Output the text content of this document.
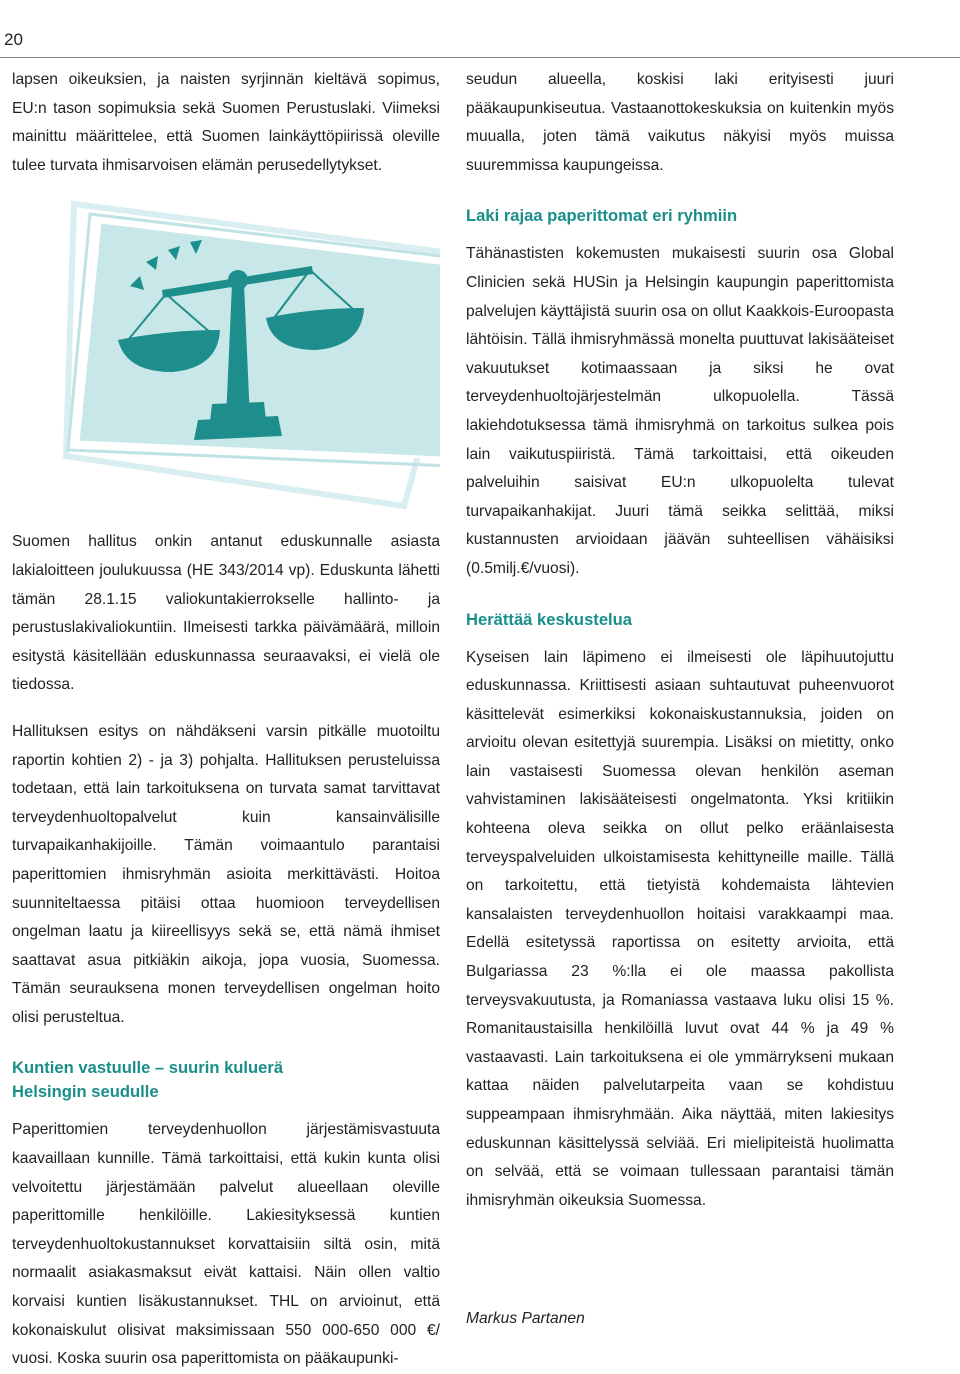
20

lapsen oikeuksien, ja naisten syrjinnän kieltävä sopimus, EU:n tason sopimuksia sekä Suomen Perustuslaki. Viimeksi mainittu määrittelee, että Suomen lainkäyttöpiirissä oleville tulee turvata ihmisarvoisen elämän perusedellytykset.

Suomen hallitus onkin antanut eduskunnalle asiasta lakialoitteen joulukuussa (HE 343/2014 vp). Eduskunta lähetti tämän 28.1.15 valiokuntakierrokselle hallinto- ja perustuslakivaliokuntiin. Ilmeisesti tarkka päivämäärä, milloin esitystä käsitellään eduskunnassa seuraavaksi, ei vielä ole tiedossa.

Hallituksen esitys on nähdäkseni varsin pitkälle muotoiltu raportin kohtien 2) - ja 3) pohjalta. Hallituksen perusteluissa todetaan, että lain tarkoituksena on turvata samat tarvittavat terveydenhuoltopalvelut kuin kansainvälisille turvapaikanhakijoille. Tämän voimaantulo parantaisi paperittomien ihmisryhmän asioita merkittävästi. Hoitoa suunniteltaessa pitäisi ottaa huomioon terveydellisen ongelman laatu ja kiireellisyys sekä se, että nämä ihmiset saattavat asua pitkiäkin aikoja, jopa vuosia, Suomessa. Tämän seurauksena monen terveydellisen ongelman hoito olisi perusteltua.

Kuntien vastuulle – suurin kuluerä
Helsingin seudulle

Paperittomien terveydenhuollon järjestämisvastuuta kaavaillaan kunnille. Tämä tarkoittaisi, että kukin kunta olisi velvoitettu järjestämään palvelut alueellaan oleville paperittomille henkilöille. Lakiesityksessä kuntien terveydenhuoltokustannukset korvattaisiin siltä osin, mitä normaalit asiakasmaksut eivät kattaisi. Näin ollen valtio korvaisi kuntien lisäkustannukset. THL on arvioinut, että kokonaiskulut olisivat maksimissaan 550 000-650 000 €/ vuosi. Koska suurin osa paperittomista on pääkaupunki-

seudun alueella, koskisi laki erityisesti juuri pääkaupunkiseutua. Vastaanottokeskuksia on kuitenkin myös muualla, joten tämä vaikutus näkyisi myös muissa suuremmissa kaupungeissa.

Laki rajaa paperittomat eri ryhmiin

Tähänastisten kokemusten mukaisesti suurin osa Global Clinicien sekä HUSin ja Helsingin kaupungin paperittomista palvelujen käyttäjistä suurin osa on ollut Kaakkois-Euroopasta lähtöisin. Tällä ihmisryhmässä monelta puuttuvat lakisääteiset vakuutukset kotimaassaan ja siksi he ovat terveydenhuoltojärjestelmän ulkopuolella. Tässä lakiehdotuksessa tämä ihmisryhmä on tarkoitus sulkea pois lain vaikutuspiiristä. Tämä tarkoittaisi, että oikeuden palveluihin saisivat EU:n ulkopuolelta tulevat turvapaikanhakijat. Juuri tämä seikka selittää, miksi kustannusten arvioidaan jäävän suhteellisen vähäisiksi (0.5milj.€/vuosi).

Herättää keskustelua

Kyseisen lain läpimeno ei ilmeisesti ole läpihuutojuttu eduskunnassa. Kriittisesti asiaan suhtautuvat puheenvuorot käsittelevät esimerkiksi kokonaiskustannuksia, joiden on arvioitu olevan esitettyjä suurempia. Lisäksi on mietitty, onko lain vastaisesti Suomessa olevan henkilön aseman vahvistaminen lakisääteisesti ongelmatonta. Yksi kritiikin kohteena oleva seikka on ollut pelko eräänlaisesta terveyspalveluiden ulkoistamisesta kehittyneille maille. Tällä on tarkoitettu, että tietyistä kohdemaista lähtevien kansalaisten terveydenhuollon hoitaisi varakkaampi maa. Edellä esitetyssä raportissa on esitetty arvioita, että Bulgariassa 23 %:lla ei ole maassa pakollista terveysvakuutusta, ja Romaniassa vastaava luku olisi 15 %. Romanitaustaisilla henkilöillä luvut ovat 44 % ja 49 % vastaavasti. Lain tarkoituksena ei ole ymmärrykseni mukaan kattaa näiden palvelutarpeita vaan se kohdistuu suppeampaan ihmisryhmään. Aika näyttää, miten lakiesitys eduskunnan käsittelyssä selviää. Eri mielipiteistä huolimatta on selvää, että se voimaan tullessaan parantaisi tämän ihmisryhmän oikeuksia Suomessa.

Markus Partanen
